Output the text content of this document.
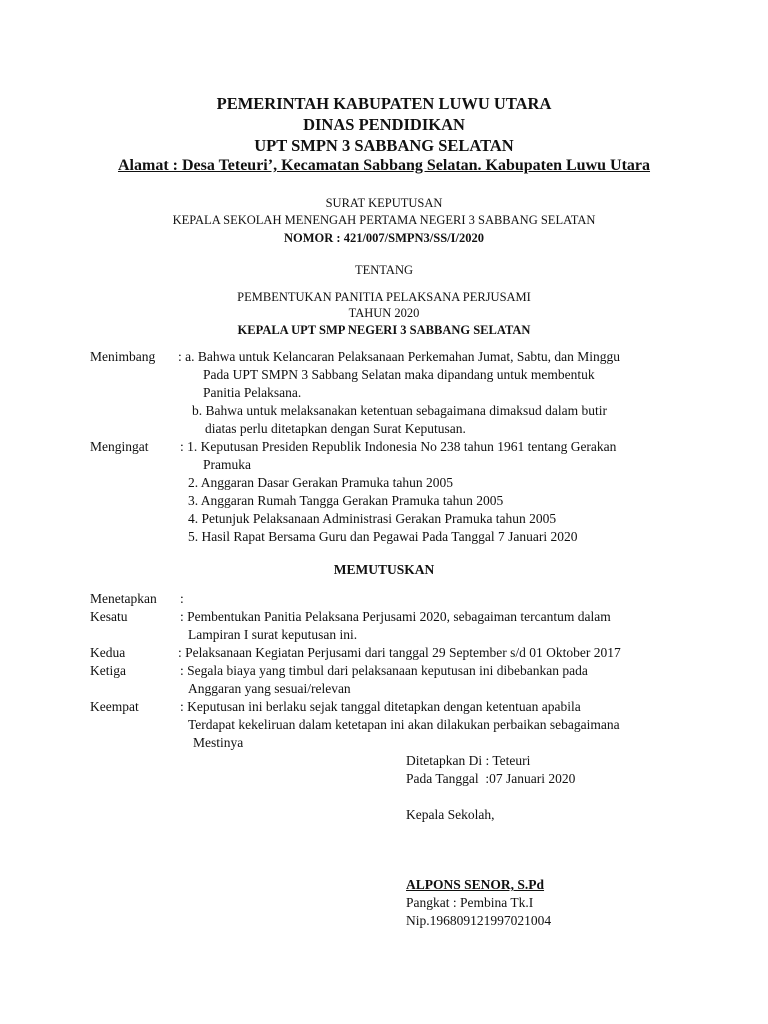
PEMERINTAH KABUPATEN LUWU UTARA
DINAS PENDIDIKAN
UPT SMPN 3 SABBANG SELATAN
Alamat : Desa Teteuri’, Kecamatan Sabbang Selatan. Kabupaten Luwu Utara
SURAT KEPUTUSAN
KEPALA SEKOLAH MENENGAH PERTAMA NEGERI 3 SABBANG SELATAN
NOMOR : 421/007/SMPN3/SS/I/2020
TENTANG
PEMBENTUKAN PANITIA PELAKSANA PERJUSAMI
TAHUN 2020
KEPALA UPT SMP NEGERI 3 SABBANG SELATAN
Menimbang : a. Bahwa untuk Kelancaran Pelaksanaan Perkemahan Jumat, Sabtu, dan Minggu
Pada UPT SMPN 3 Sabbang Selatan maka dipandang untuk membentuk
Panitia Pelaksana.
b. Bahwa untuk melaksanakan ketentuan sebagaimana dimaksud dalam butir
diatas perlu ditetapkan dengan Surat Keputusan.
Mengingat : 1. Keputusan Presiden Republik Indonesia No 238 tahun 1961 tentang Gerakan
Pramuka
2. Anggaran Dasar Gerakan Pramuka tahun 2005
3. Anggaran Rumah Tangga Gerakan Pramuka tahun 2005
4. Petunjuk Pelaksanaan Administrasi Gerakan Pramuka tahun 2005
5. Hasil Rapat Bersama Guru dan Pegawai Pada Tanggal 7 Januari 2020
MEMUTUSKAN
Menetapkan :
Kesatu	: Pembentukan Panitia Pelaksana Perjusami 2020, sebagaiman tercantum dalam
Lampiran I surat keputusan ini.
Kedua	: Pelaksanaan Kegiatan Perjusami dari tanggal 29 September s/d 01 Oktober 2017
Ketiga	: Segala biaya yang timbul dari pelaksanaan keputusan ini dibebankan pada
Anggaran yang sesuai/relevan
Keempat	: Keputusan ini berlaku sejak tanggal ditetapkan dengan ketentuan apabila
Terdapat kekeliruan dalam ketetapan ini akan dilakukan perbaikan sebagaimana
Mestinya
Ditetapkan Di : Teteuri
Pada Tanggal  :07 Januari 2020
Kepala Sekolah,
ALPONS SENOR, S.Pd
Pangkat : Pembina Tk.I
Nip.196809121997021004
